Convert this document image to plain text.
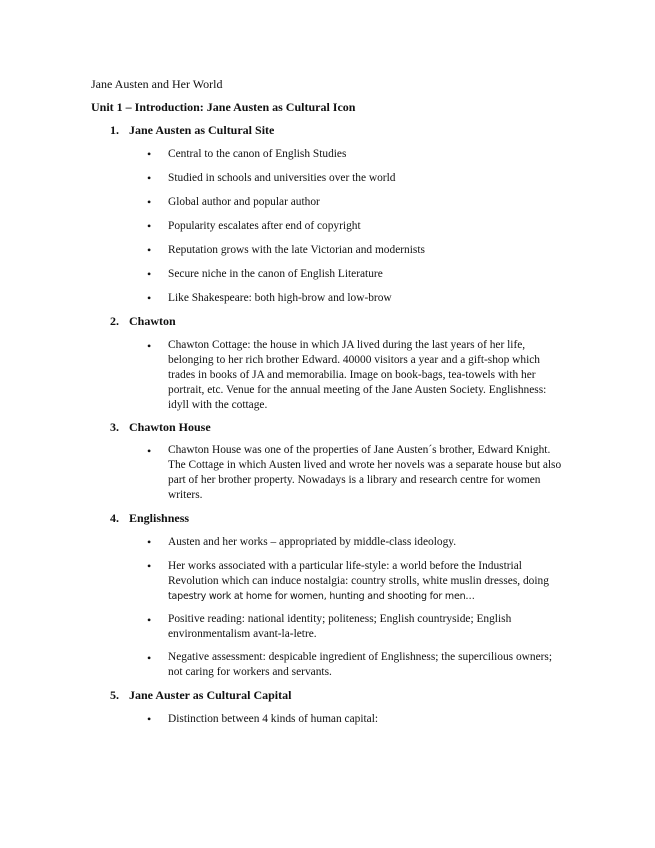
Jane Austen and Her World
Unit 1 – Introduction: Jane Austen as Cultural Icon
1. Jane Austen as Cultural Site
• Central to the canon of English Studies
• Studied in schools and universities over the world
• Global author and popular author
• Popularity escalates after end of copyright
• Reputation grows with the late Victorian and modernists
• Secure niche in the canon of English Literature
• Like Shakespeare: both high-brow and low-brow
2. Chawton
• Chawton Cottage: the house in which JA lived during the last years of her life, belonging to her rich brother Edward. 40000 visitors a year and a gift-shop which trades in books of JA and memorabilia. Image on book-bags, tea-towels with her portrait, etc. Venue for the annual meeting of the Jane Austen Society. Englishness: idyll with the cottage.
3. Chawton House
• Chawton House was one of the properties of Jane Austen´s brother, Edward Knight. The Cottage in which Austen lived and wrote her novels was a separate house but also part of her brother property. Nowadays is a library and research centre for women writers.
4. Englishness
• Austen and her works – appropriated by middle-class ideology.
• Her works associated with a particular life-style: a world before the Industrial Revolution which can induce nostalgia: country strolls, white muslin dresses, doing tapestry work at home for women, hunting and shooting for men…
• Positive reading: national identity; politeness; English countryside; English environmentalism avant-la-letre.
• Negative assessment: despicable ingredient of Englishness; the supercilious owners; not caring for workers and servants.
5. Jane Auster as Cultural Capital
• Distinction between 4 kinds of human capital:
